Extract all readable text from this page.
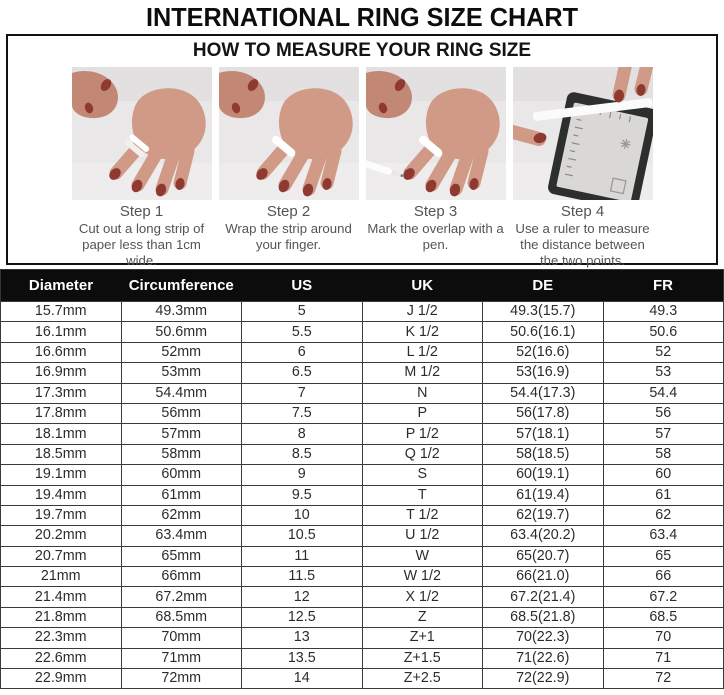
INTERNATIONAL RING SIZE CHART
HOW TO MEASURE YOUR RING SIZE
Step 1
Cut out a long strip of paper less than 1cm wide.
Step 2
Wrap the strip around your finger.
Step 3
Mark the overlap with a pen.
Step 4
Use a ruler to measure the distance between the two points.
Diameter	Circumference	US	UK	DE	FR
15.7mm	49.3mm	5	J 1/2	49.3(15.7)	49.3
16.1mm	50.6mm	5.5	K 1/2	50.6(16.1)	50.6
16.6mm	52mm	6	L 1/2	52(16.6)	52
16.9mm	53mm	6.5	M 1/2	53(16.9)	53
17.3mm	54.4mm	7	N	54.4(17.3)	54.4
17.8mm	56mm	7.5	P	56(17.8)	56
18.1mm	57mm	8	P 1/2	57(18.1)	57
18.5mm	58mm	8.5	Q 1/2	58(18.5)	58
19.1mm	60mm	9	S	60(19.1)	60
19.4mm	61mm	9.5	T	61(19.4)	61
19.7mm	62mm	10	T 1/2	62(19.7)	62
20.2mm	63.4mm	10.5	U 1/2	63.4(20.2)	63.4
20.7mm	65mm	11	W	65(20.7)	65
21mm	66mm	11.5	W 1/2	66(21.0)	66
21.4mm	67.2mm	12	X 1/2	67.2(21.4)	67.2
21.8mm	68.5mm	12.5	Z	68.5(21.8)	68.5
22.3mm	70mm	13	Z+1	70(22.3)	70
22.6mm	71mm	13.5	Z+1.5	71(22.6)	71
22.9mm	72mm	14	Z+2.5	72(22.9)	72
